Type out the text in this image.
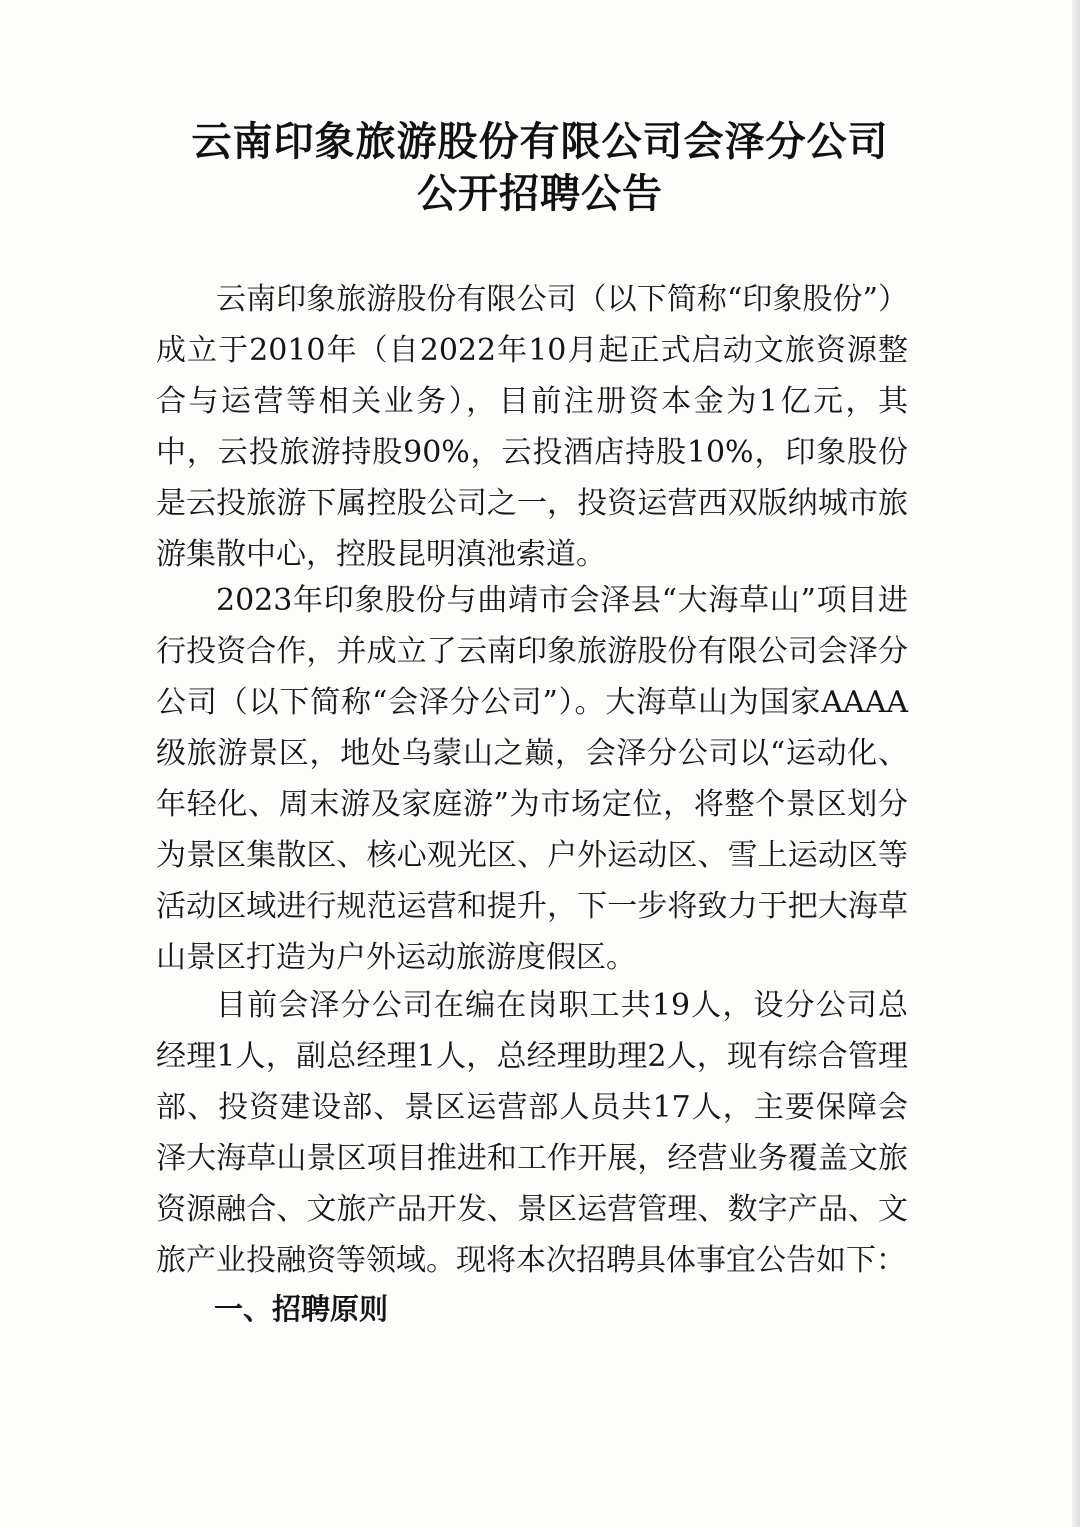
云南印象旅游股份有限公司会泽分公司
公开招聘公告

云南印象旅游股份有限公司（以下简称“印象股份”）成立于2010年（自2022年10月起正式启动文旅资源整合与运营等相关业务），目前注册资本金为1亿元，其中，云投旅游持股90%，云投酒店持股10%，印象股份是云投旅游下属控股公司之一，投资运营西双版纳城市旅游集散中心，控股昆明滇池索道。

2023年印象股份与曲靖市会泽县“大海草山”项目进行投资合作，并成立了云南印象旅游股份有限公司会泽分公司（以下简称“会泽分公司”）。大海草山为国家AAAA级旅游景区，地处乌蒙山之巅，会泽分公司以“运动化、年轻化、周末游及家庭游”为市场定位，将整个景区划分为景区集散区、核心观光区、户外运动区、雪上运动区等活动区域进行规范运营和提升，下一步将致力于把大海草山景区打造为户外运动旅游度假区。

目前会泽分公司在编在岗职工共19人，设分公司总经理1人，副总经理1人，总经理助理2人，现有综合管理部、投资建设部、景区运营部人员共17人，主要保障会泽大海草山景区项目推进和工作开展，经营业务覆盖文旅资源融合、文旅产品开发、景区运营管理、数字产品、文旅产业投融资等领域。现将本次招聘具体事宜公告如下：

一、招聘原则
